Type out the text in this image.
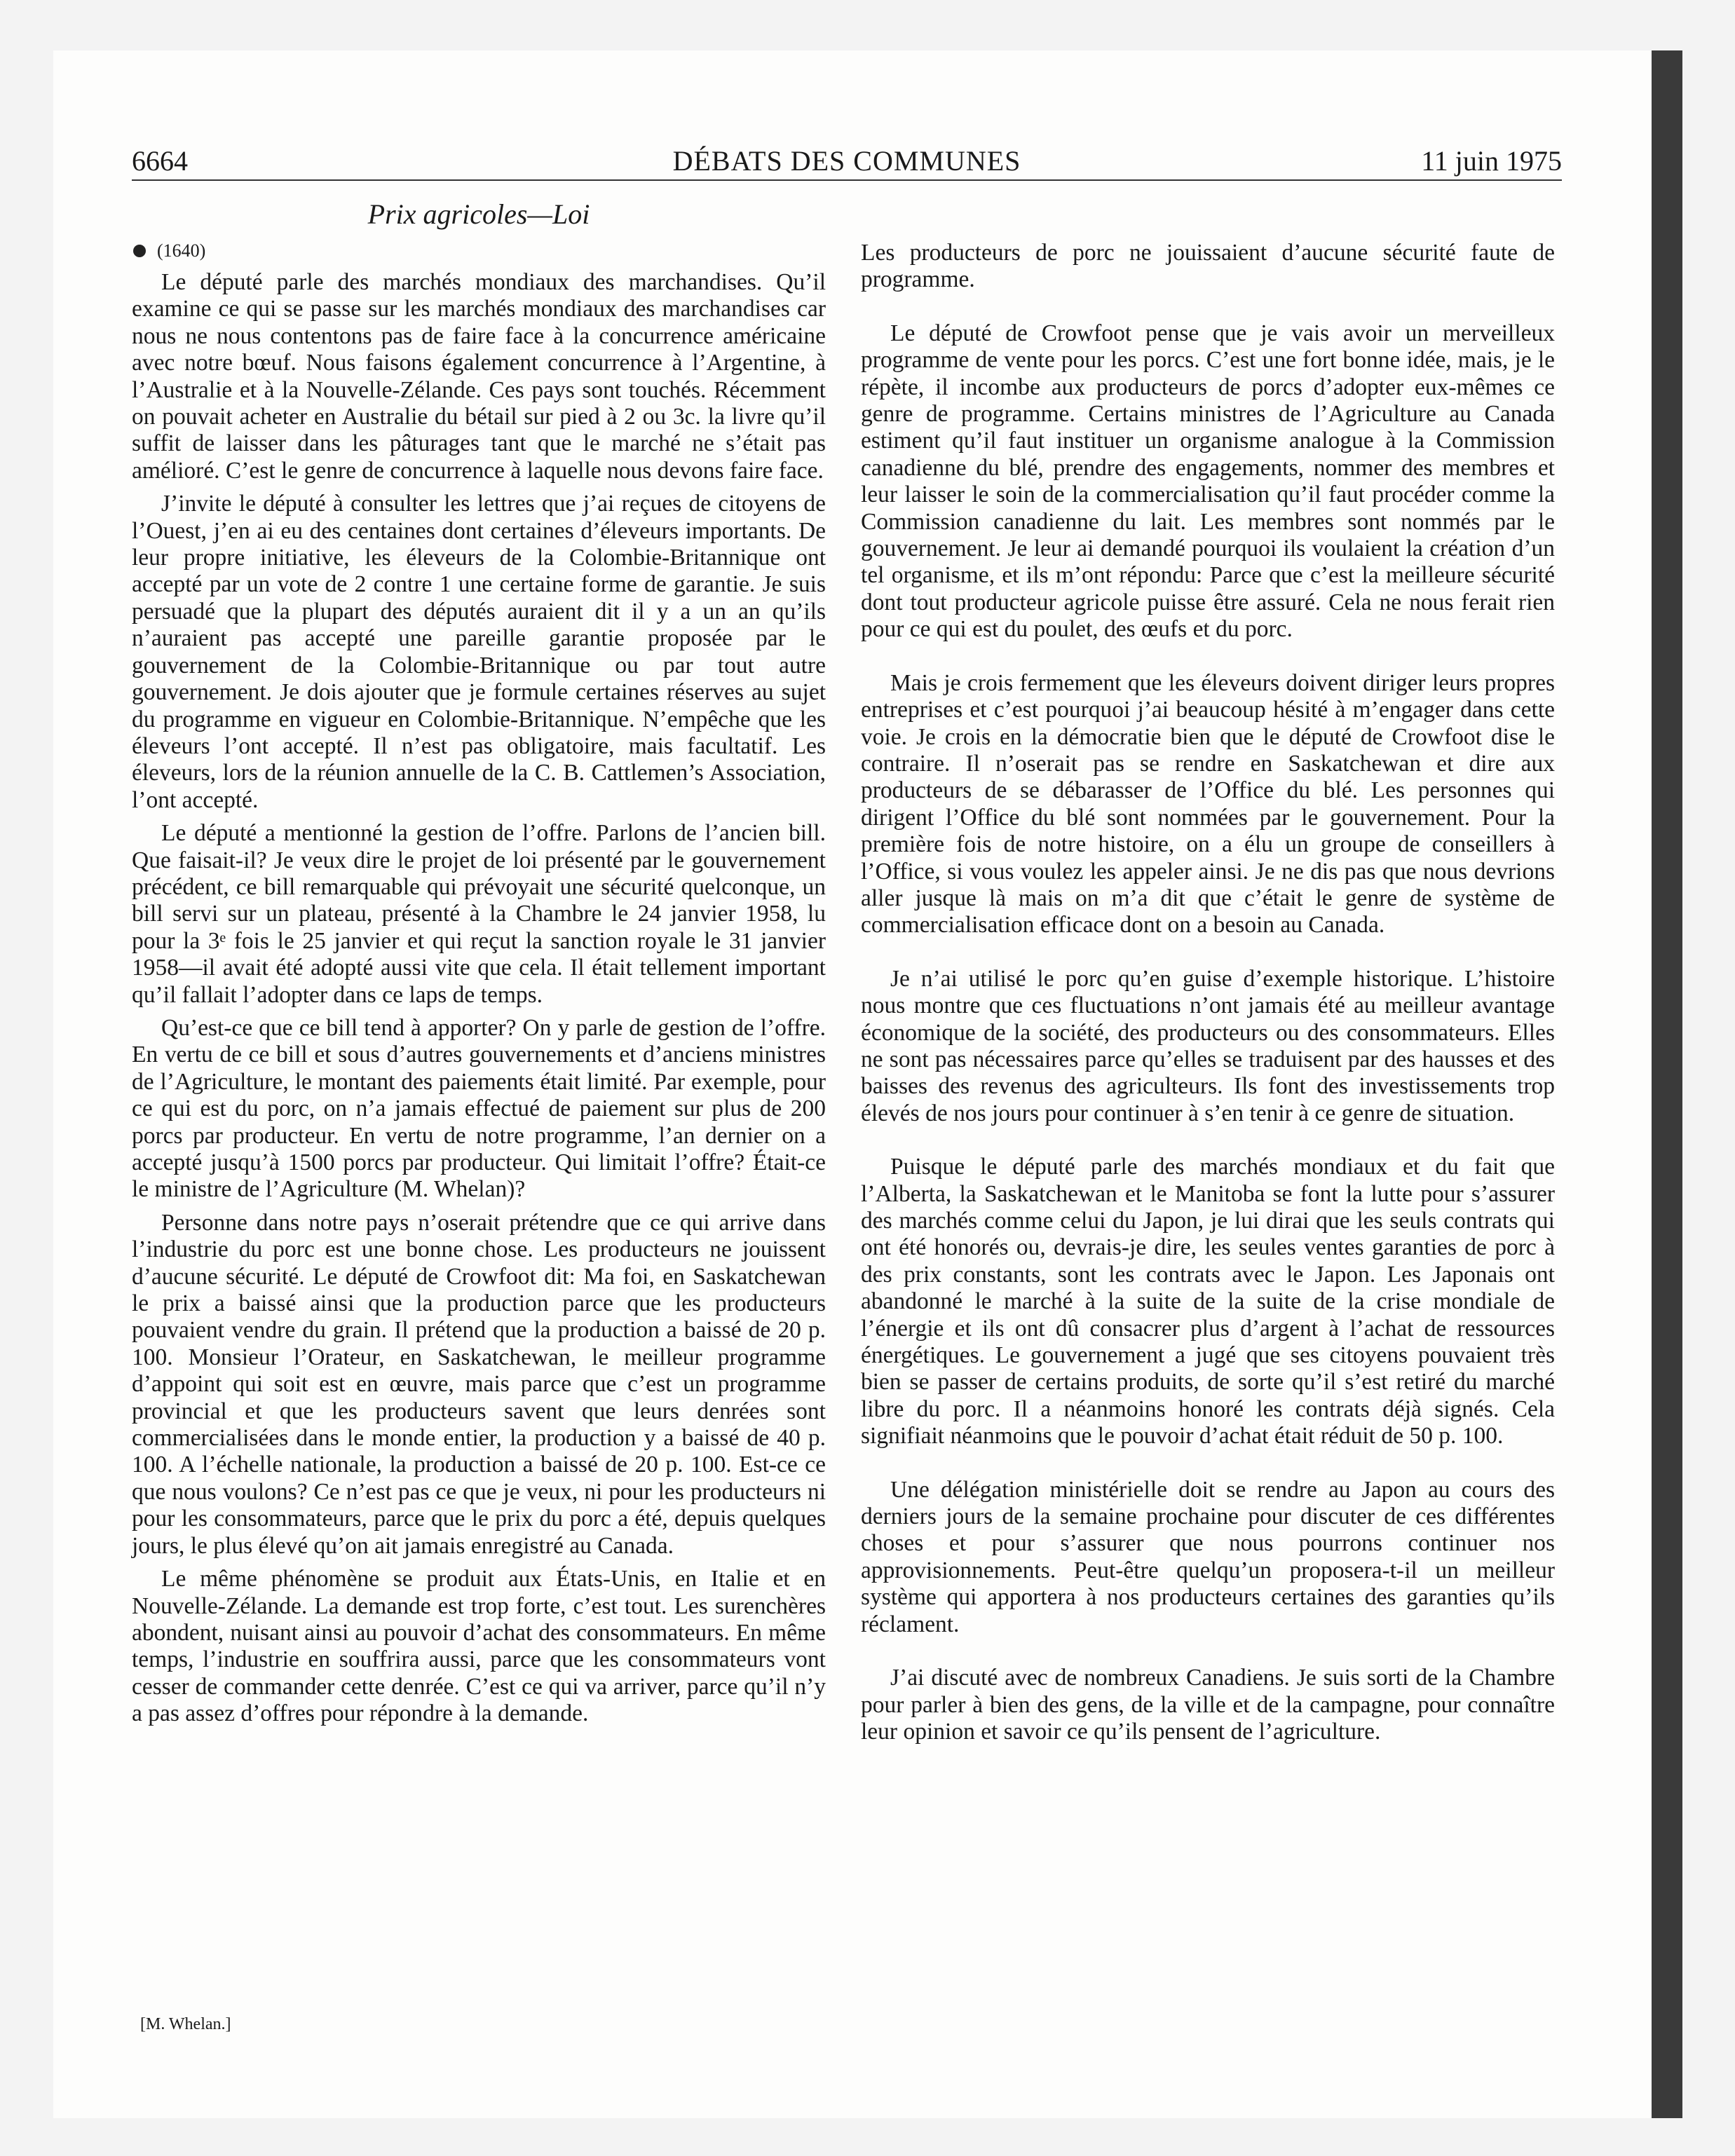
6664	DÉBATS DES COMMUNES	11 juin 1975
Prix agricoles—Loi
(1640)

Le député parle des marchés mondiaux des marchandises. Qu’il examine ce qui se passe sur les marchés mondiaux des marchandises car nous ne nous contentons pas de faire face à la concurrence américaine avec notre bœuf. Nous faisons également concurrence à l’Argentine, à l’Australie et à la Nouvelle-Zélande. Ces pays sont touchés. Récemment on pouvait acheter en Australie du bétail sur pied à 2 ou 3c. la livre qu’il suffit de laisser dans les pâturages tant que le marché ne s’était pas amélioré. C’est le genre de concurrence à laquelle nous devons faire face.

J’invite le député à consulter les lettres que j’ai reçues de citoyens de l’Ouest, j’en ai eu des centaines dont certaines d’éleveurs importants. De leur propre initiative, les éleveurs de la Colombie-Britannique ont accepté par un vote de 2 contre 1 une certaine forme de garantie. Je suis persuadé que la plupart des députés auraient dit il y a un an qu’ils n’auraient pas accepté une pareille garantie proposée par le gouvernement de la Colombie-Britannique ou par tout autre gouvernement. Je dois ajouter que je formule certaines réserves au sujet du programme en vigueur en Colombie-Britannique. N’empêche que les éleveurs l’ont accepté. Il n’est pas obligatoire, mais facultatif. Les éleveurs, lors de la réunion annuelle de la C. B. Cattlemen’s Association, l’ont accepté.

Le député a mentionné la gestion de l’offre. Parlons de l’ancien bill. Que faisait-il? Je veux dire le projet de loi présenté par le gouvernement précédent, ce bill remarquable qui prévoyait une sécurité quelconque, un bill servi sur un plateau, présenté à la Chambre le 24 janvier 1958, lu pour la 3ᵉ fois le 25 janvier et qui reçut la sanction royale le 31 janvier 1958—il avait été adopté aussi vite que cela. Il était tellement important qu’il fallait l’adopter dans ce laps de temps.

Qu’est-ce que ce bill tend à apporter? On y parle de gestion de l’offre. En vertu de ce bill et sous d’autres gouvernements et d’anciens ministres de l’Agriculture, le montant des paiements était limité. Par exemple, pour ce qui est du porc, on n’a jamais effectué de paiement sur plus de 200 porcs par producteur. En vertu de notre programme, l’an dernier on a accepté jusqu’à 1500 porcs par producteur. Qui limitait l’offre? Était-ce le ministre de l’Agriculture (M. Whelan)?

Personne dans notre pays n’oserait prétendre que ce qui arrive dans l’industrie du porc est une bonne chose. Les producteurs ne jouissent d’aucune sécurité. Le député de Crowfoot dit: Ma foi, en Saskatchewan le prix a baissé ainsi que la production parce que les producteurs pouvaient vendre du grain. Il prétend que la production a baissé de 20 p. 100. Monsieur l’Orateur, en Saskatchewan, le meilleur programme d’appoint qui soit est en œuvre, mais parce que c’est un programme provincial et que les producteurs savent que leurs denrées sont commercialisées dans le monde entier, la production y a baissé de 40 p. 100. A l’échelle nationale, la production a baissé de 20 p. 100. Est-ce ce que nous voulons? Ce n’est pas ce que je veux, ni pour les producteurs ni pour les consommateurs, parce que le prix du porc a été, depuis quelques jours, le plus élevé qu’on ait jamais enregistré au Canada.

Le même phénomène se produit aux États-Unis, en Italie et en Nouvelle-Zélande. La demande est trop forte, c’est tout. Les surenchères abondent, nuisant ainsi au pouvoir d’achat des consommateurs. En même temps, l’industrie en souffrira aussi, parce que les consommateurs vont cesser de commander cette denrée. C’est ce qui va arriver, parce qu’il n’y a pas assez d’offres pour répondre à la demande.

Les producteurs de porc ne jouissaient d’aucune sécurité faute de programme.

Le député de Crowfoot pense que je vais avoir un merveilleux programme de vente pour les porcs. C’est une fort bonne idée, mais, je le répète, il incombe aux producteurs de porcs d’adopter eux-mêmes ce genre de programme. Certains ministres de l’Agriculture au Canada estiment qu’il faut instituer un organisme analogue à la Commission canadienne du blé, prendre des engagements, nommer des membres et leur laisser le soin de la commercialisation qu’il faut procéder comme la Commission canadienne du lait. Les membres sont nommés par le gouvernement. Je leur ai demandé pourquoi ils voulaient la création d’un tel organisme, et ils m’ont répondu: Parce que c’est la meilleure sécurité dont tout producteur agricole puisse être assuré. Cela ne nous ferait rien pour ce qui est du poulet, des œufs et du porc.

Mais je crois fermement que les éleveurs doivent diriger leurs propres entreprises et c’est pourquoi j’ai beaucoup hésité à m’engager dans cette voie. Je crois en la démocratie bien que le député de Crowfoot dise le contraire. Il n’oserait pas se rendre en Saskatchewan et dire aux producteurs de se débarasser de l’Office du blé. Les personnes qui dirigent l’Office du blé sont nommées par le gouvernement. Pour la première fois de notre histoire, on a élu un groupe de conseillers à l’Office, si vous voulez les appeler ainsi. Je ne dis pas que nous devrions aller jusque là mais on m’a dit que c’était le genre de système de commercialisation efficace dont on a besoin au Canada.

Je n’ai utilisé le porc qu’en guise d’exemple historique. L’histoire nous montre que ces fluctuations n’ont jamais été au meilleur avantage économique de la société, des producteurs ou des consommateurs. Elles ne sont pas nécessaires parce qu’elles se traduisent par des hausses et des baisses des revenus des agriculteurs. Ils font des investissements trop élevés de nos jours pour continuer à s’en tenir à ce genre de situation.

Puisque le député parle des marchés mondiaux et du fait que l’Alberta, la Saskatchewan et le Manitoba se font la lutte pour s’assurer des marchés comme celui du Japon, je lui dirai que les seuls contrats qui ont été honorés ou, devrais-je dire, les seules ventes garanties de porc à des prix constants, sont les contrats avec le Japon. Les Japonais ont abandonné le marché à la suite de la suite de la crise mondiale de l’énergie et ils ont dû consacrer plus d’argent à l’achat de ressources énergétiques. Le gouvernement a jugé que ses citoyens pouvaient très bien se passer de certains produits, de sorte qu’il s’est retiré du marché libre du porc. Il a néanmoins honoré les contrats déjà signés. Cela signifiait néanmoins que le pouvoir d’achat était réduit de 50 p. 100.

Une délégation ministérielle doit se rendre au Japon au cours des derniers jours de la semaine prochaine pour discuter de ces différentes choses et pour s’assurer que nous pourrons continuer nos approvisionnements. Peut-être quelqu’un proposera-t-il un meilleur système qui apportera à nos producteurs certaines des garanties qu’ils réclament.

J’ai discuté avec de nombreux Canadiens. Je suis sorti de la Chambre pour parler à bien des gens, de la ville et de la campagne, pour connaître leur opinion et savoir ce qu’ils pensent de l’agriculture.

[M. Whelan.]
